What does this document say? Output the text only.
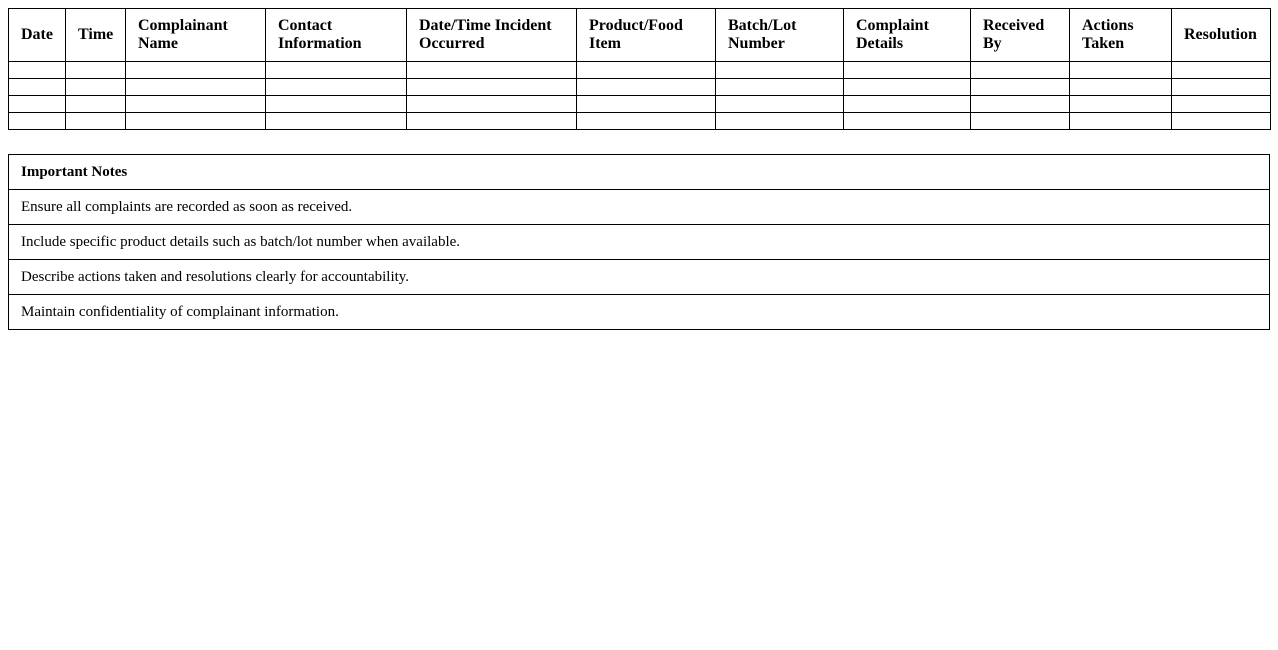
Date	Time	Complainant Name	Contact Information	Date/Time Incident Occurred	Product/Food Item	Batch/Lot Number	Complaint Details	Received By	Actions Taken	Resolution

Important Notes
Ensure all complaints are recorded as soon as received.
Include specific product details such as batch/lot number when available.
Describe actions taken and resolutions clearly for accountability.
Maintain confidentiality of complainant information.
